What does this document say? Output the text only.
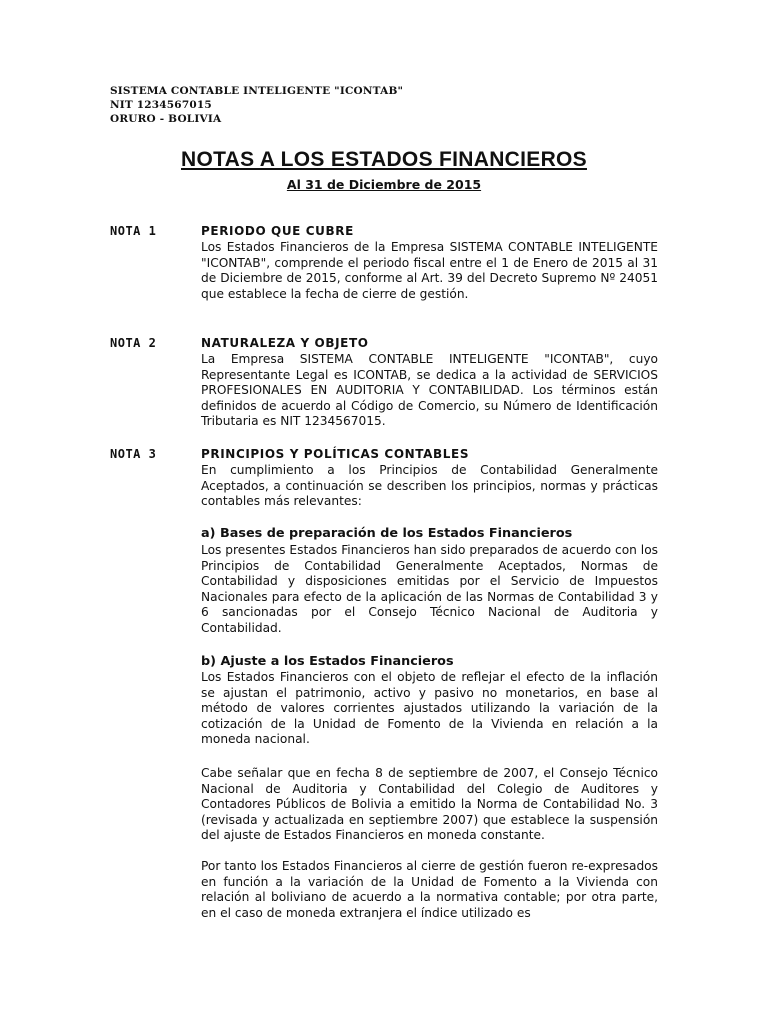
SISTEMA CONTABLE INTELIGENTE "ICONTAB"
NIT 1234567015
ORURO - BOLIVIA
NOTAS A LOS ESTADOS FINANCIEROS
Al 31 de Diciembre de 2015
NOTA 1	PERIODO QUE CUBRE
Los Estados Financieros de la Empresa SISTEMA CONTABLE INTELIGENTE "ICONTAB", comprende el periodo fiscal entre el 1 de Enero de 2015 al 31 de Diciembre de 2015, conforme al Art. 39 del Decreto Supremo Nº 24051 que establece la fecha de cierre de gestión.
NOTA 2	NATURALEZA Y OBJETO
La Empresa SISTEMA CONTABLE INTELIGENTE "ICONTAB", cuyo Representante Legal es ICONTAB, se dedica a la actividad de SERVICIOS PROFESIONALES EN AUDITORIA Y CONTABILIDAD. Los términos están definidos de acuerdo al Código de Comercio, su Número de Identificación Tributaria es NIT 1234567015.
NOTA 3	PRINCIPIOS Y POLÍTICAS CONTABLES
En cumplimiento a los Principios de Contabilidad Generalmente Aceptados, a continuación se describen los principios, normas y prácticas contables más relevantes:
a) Bases de preparación de los Estados Financieros
Los presentes Estados Financieros han sido preparados de acuerdo con los Principios de Contabilidad Generalmente Aceptados, Normas de Contabilidad y disposiciones emitidas por el Servicio de Impuestos Nacionales para efecto de la aplicación de las Normas de Contabilidad 3 y 6 sancionadas por el Consejo Técnico Nacional de Auditoria y Contabilidad.
b) Ajuste a los Estados Financieros
Los Estados Financieros con el objeto de reflejar el efecto de la inflación se ajustan el patrimonio, activo y pasivo no monetarios, en base al método de valores corrientes ajustados utilizando la variación de la cotización de la Unidad de Fomento de la Vivienda en relación a la moneda nacional.
Cabe señalar que en fecha 8 de septiembre de 2007, el Consejo Técnico Nacional de Auditoria y Contabilidad del Colegio de Auditores y Contadores Públicos de Bolivia a emitido la Norma de Contabilidad No. 3 (revisada y actualizada en septiembre 2007) que establece la suspensión del ajuste de Estados Financieros en moneda constante.
Por tanto los Estados Financieros al cierre de gestión fueron re-expresados en función a la variación de la Unidad de Fomento a la Vivienda con relación al boliviano de acuerdo a la normativa contable; por otra parte, en el caso de moneda extranjera el índice utilizado es
